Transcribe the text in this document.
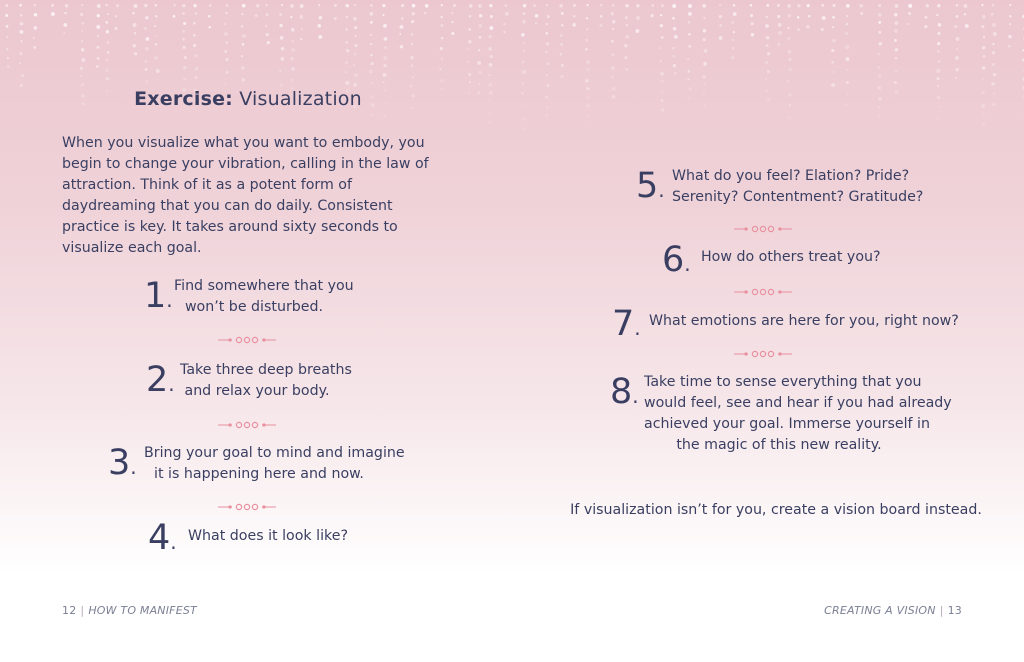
Exercise: Visualization
When you visualize what you want to embody, you begin to change your vibration, calling in the law of attraction. Think of it as a potent form of daydreaming that you can do daily. Consistent practice is key. It takes around sixty seconds to visualize each goal.
1.
Find somewhere that you
won’t be disturbed.
2.
Take three deep breaths
and relax your body.
3.
Bring your goal to mind and imagine
it is happening here and now.
4. What does it look like?
5.
What do you feel? Elation? Pride?
Serenity? Contentment? Gratitude?
6. How do others treat you?
7. What emotions are here for you, right now?
8.
Take time to sense everything that you
would feel, see and hear if you had already
achieved your goal. Immerse yourself in
the magic of this new reality.
If visualization isn’t for you, create a vision board instead.
12 | HOW TO MANIFEST	CREATING A VISION | 13
